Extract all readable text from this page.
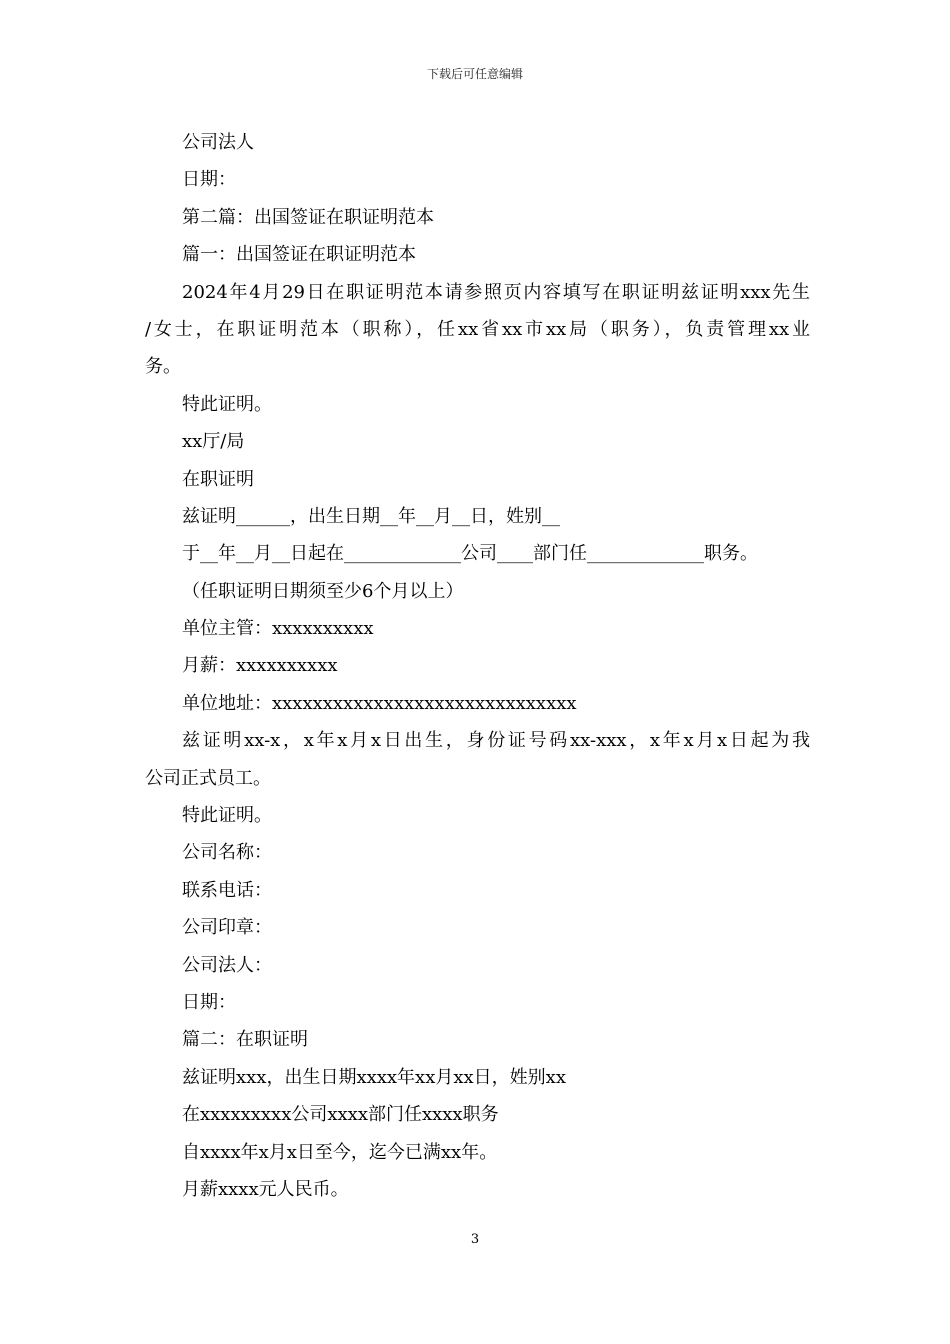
下载后可任意编辑
公司法人
日期：
第二篇：出国签证在职证明范本
篇一：出国签证在职证明范本
2024年4月29日在职证明范本请参照页内容填写在职证明兹证明xxx先生
/女士，在职证明范本（职称），任xx省xx市xx局（职务），负责管理xx业
务。
特此证明。
xx厅/局
在职证明
兹证明______，出生日期__年__月__日，姓别__
于__年__月__日起在_____________公司____部门任_____________职务。
（任职证明日期须至少6个月以上）
单位主管：xxxxxxxxxx
月薪：xxxxxxxxxx
单位地址：xxxxxxxxxxxxxxxxxxxxxxxxxxxxxx
兹证明xx-x，x年x月x日出生，身份证号码xx-xxx，x年x月x日起为我
公司正式员工。
特此证明。
公司名称：
联系电话：
公司印章：
公司法人：
日期：
篇二：在职证明
兹证明xxx，出生日期xxxx年xx月xx日，姓别xx
在xxxxxxxxx公司xxxx部门任xxxx职务
自xxxx年x月x日至今，迄今已满xx年。
月薪xxxx元人民币。
3
